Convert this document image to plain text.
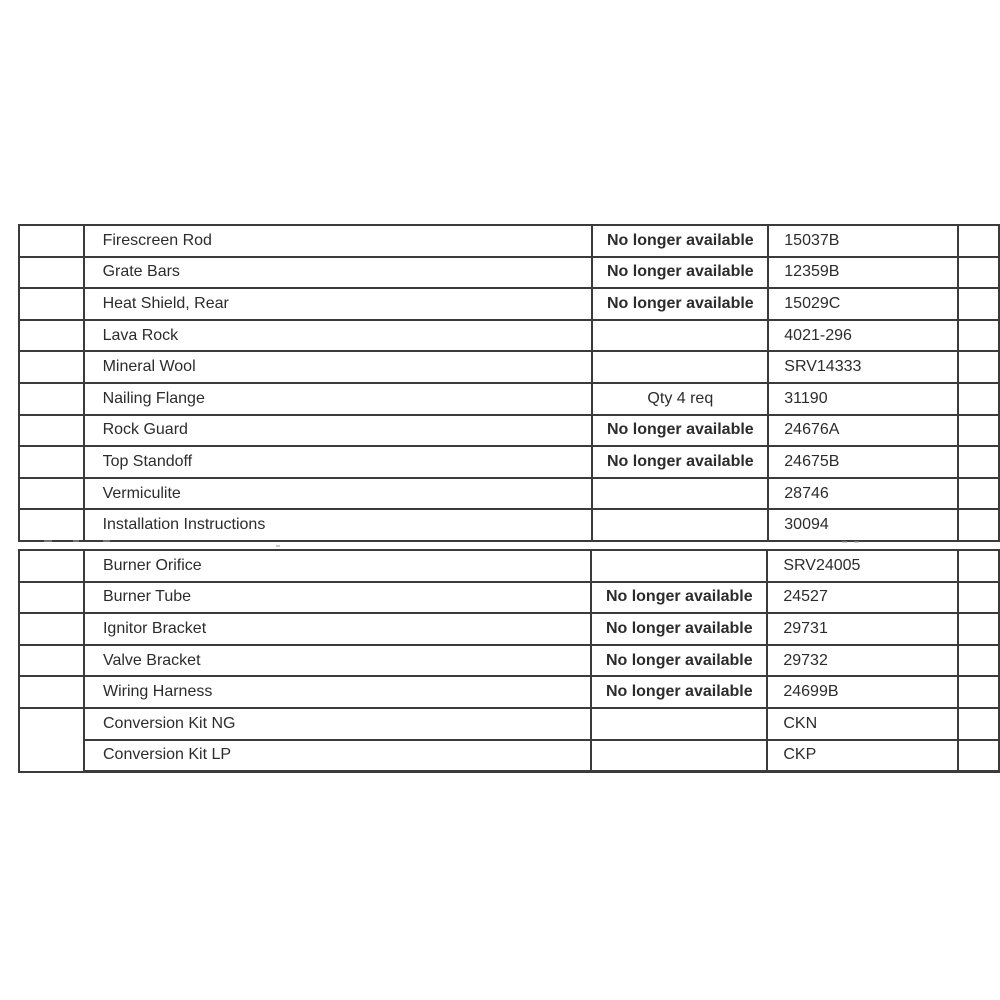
	Firescreen Rod	No longer available	15037B	
	Grate Bars	No longer available	12359B	
	Heat Shield, Rear	No longer available	15029C	
	Lava Rock		4021-296	
	Mineral Wool		SRV14333	
	Nailing Flange	Qty 4 req	31190	
	Rock Guard	No longer available	24676A	
	Top Standoff	No longer available	24675B	
	Vermiculite		28746	
	Installation Instructions		30094	
	Burner Orifice		SRV24005	
	Burner Tube	No longer available	24527	
	Ignitor Bracket	No longer available	29731	
	Valve Bracket	No longer available	29732	
	Wiring Harness	No longer available	24699B	
	Conversion Kit NG		CKN	
	Conversion Kit LP		CKP	
